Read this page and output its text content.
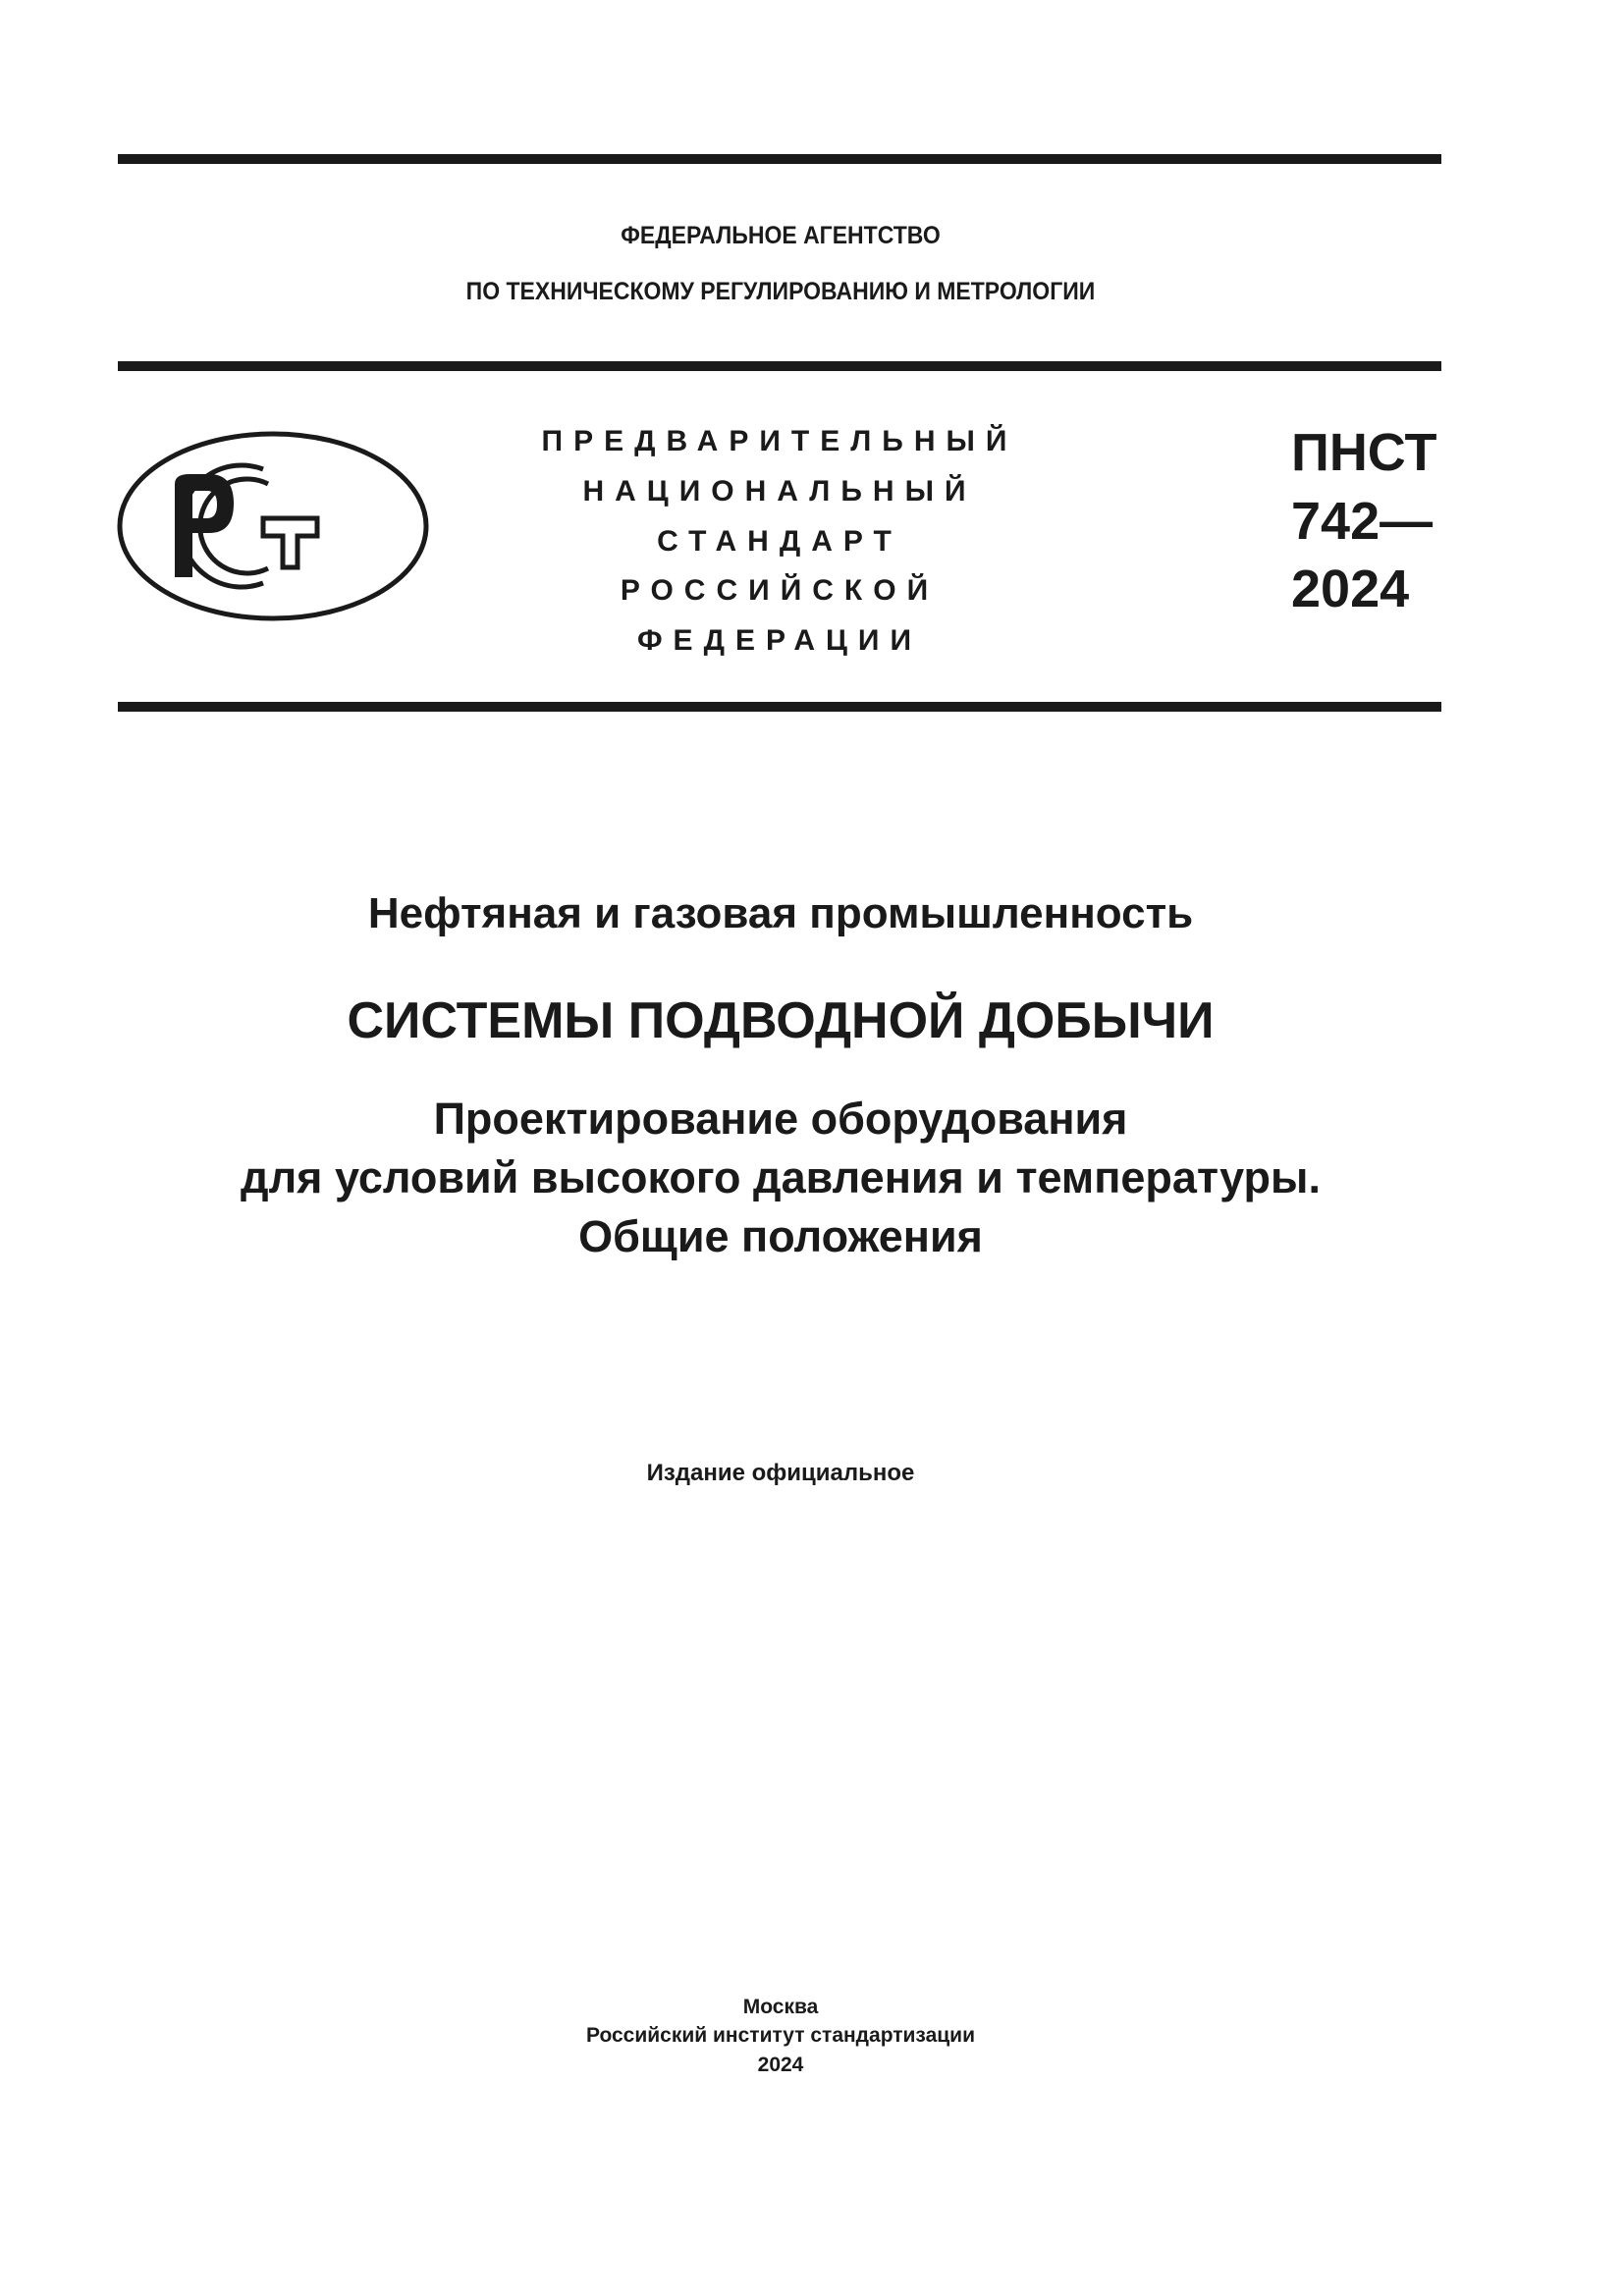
ФЕДЕРАЛЬНОЕ АГЕНТСТВО
ПО ТЕХНИЧЕСКОМУ РЕГУЛИРОВАНИЮ И МЕТРОЛОГИИ
ПРЕДВАРИТЕЛЬНЫЙ
НАЦИОНАЛЬНЫЙ
СТАНДАРТ
РОССИЙСКОЙ
ФЕДЕРАЦИИ
ПНСТ
742—
2024
Нефтяная и газовая промышленность
СИСТЕМЫ ПОДВОДНОЙ ДОБЫЧИ
Проектирование оборудования
для условий высокого давления и температуры.
Общие положения
Издание официальное
Москва
Российский институт стандартизации
2024
